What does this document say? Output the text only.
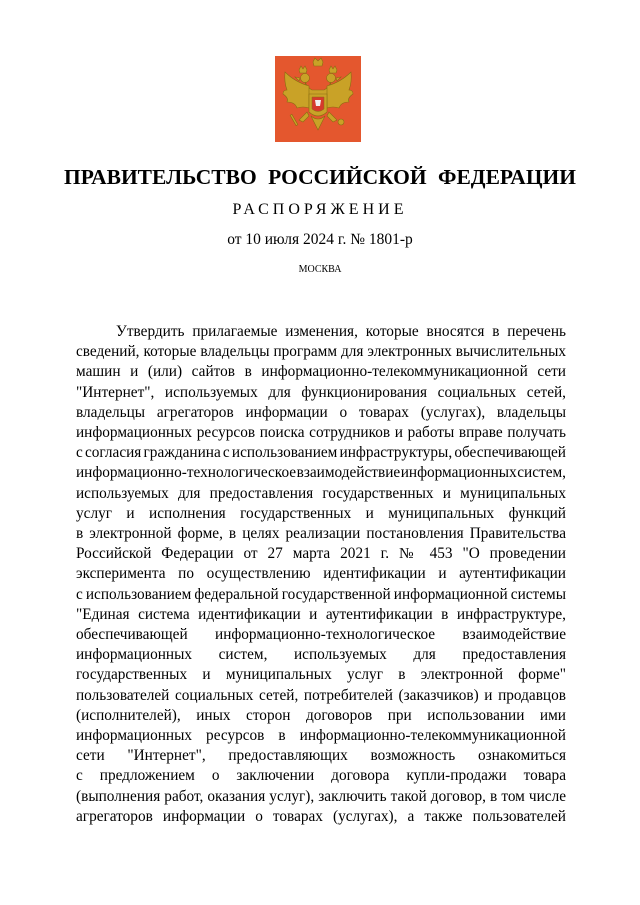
ПРАВИТЕЛЬСТВО РОССИЙСКОЙ ФЕДЕРАЦИИ
РАСПОРЯЖЕНИЕ
от 10 июля 2024 г. № 1801-р
МОСКВА
Утвердить прилагаемые изменения, которые вносятся в перечень
сведений, которые владельцы программ для электронных вычислительных
машин и (или) сайтов в информационно-телекоммуникационной сети
"Интернет", используемых для функционирования социальных сетей,
владельцы агрегаторов информации о товарах (услугах), владельцы
информационных ресурсов поиска сотрудников и работы вправе получать
с согласия гражданина с использованием инфраструктуры, обеспечивающей
информационно-технологическое взаимодействие информационных систем,
используемых для предоставления государственных и муниципальных
услуг и исполнения государственных и муниципальных функций
в электронной форме, в целях реализации постановления Правительства
Российской Федерации от 27 марта 2021 г. № 453 "О проведении
эксперимента по осуществлению идентификации и аутентификации
с использованием федеральной государственной информационной системы
"Единая система идентификации и аутентификации в инфраструктуре,
обеспечивающей информационно-технологическое взаимодействие
информационных систем, используемых для предоставления
государственных и муниципальных услуг в электронной форме"
пользователей социальных сетей, потребителей (заказчиков) и продавцов
(исполнителей), иных сторон договоров при использовании ими
информационных ресурсов в информационно-телекоммуникационной
сети "Интернет", предоставляющих возможность ознакомиться
с предложением о заключении договора купли-продажи товара
(выполнения работ, оказания услуг), заключить такой договор, в том числе
агрегаторов информации о товарах (услугах), а также пользователей
